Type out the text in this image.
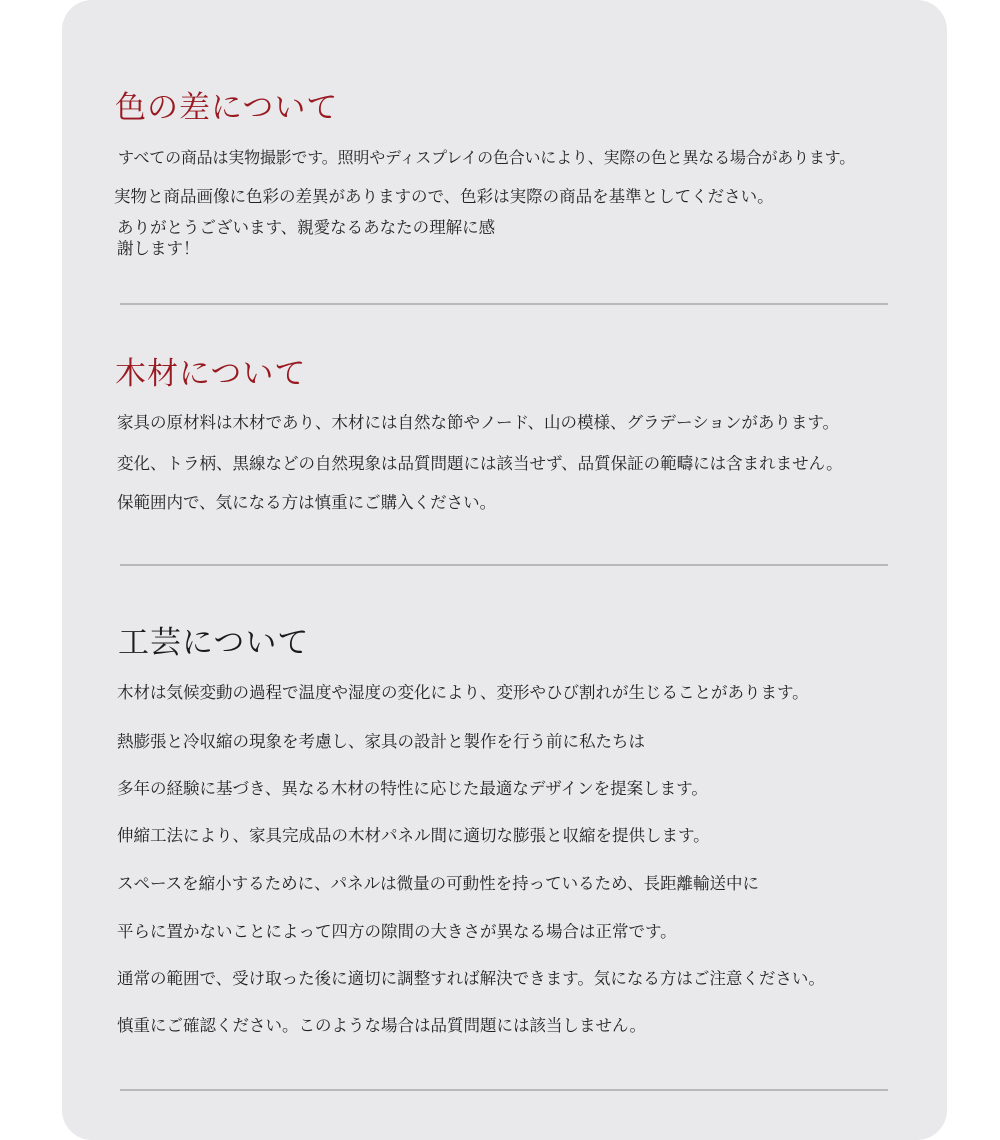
色の差について
すべての商品は実物撮影です。照明やディスプレイの色合いにより、実際の色と異なる場合があります。
実物と商品画像に色彩の差異がありますので、色彩は実際の商品を基準としてください。
ありがとうございます、親愛なるあなたの理解に感謝します！
木材について
家具の原材料は木材であり、木材には自然な節やノード、山の模様、グラデーションがあります。
変化、トラ柄、黒線などの自然現象は品質問題には該当せず、品質保証の範疇には含まれません。
保範囲内で、気になる方は慎重にご購入ください。
工芸について
木材は気候変動の過程で温度や湿度の変化により、変形やひび割れが生じることがあります。
熱膨張と冷収縮の現象を考慮し、家具の設計と製作を行う前に私たちは
多年の経験に基づき、異なる木材の特性に応じた最適なデザインを提案します。
伸縮工法により、家具完成品の木材パネル間に適切な膨張と収縮を提供します。
スペースを縮小するために、パネルは微量の可動性を持っているため、長距離輸送中に
平らに置かないことによって四方の隙間の大きさが異なる場合は正常です。
通常の範囲で、受け取った後に適切に調整すれば解決できます。気になる方はご注意ください。
慎重にご確認ください。このような場合は品質問題には該当しません。
